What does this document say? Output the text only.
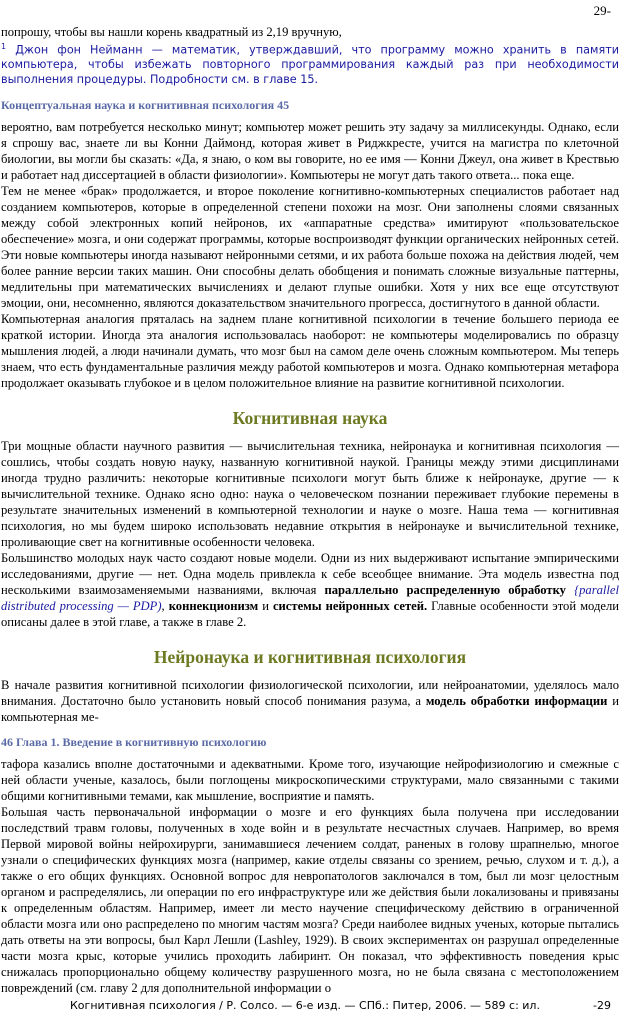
29-

попрошу, чтобы вы нашли корень квадратный из 2,19 вручную,

$^1$ Джон фон Нейманн — математик, утверждавший, что программу можно хранить в памяти компьютера, чтобы избежать повторного программирования каждый раз при необходимости выполнения процедуры. Подробности см. в главе 15.

Концептуальная наука и когнитивная психология 45

вероятно, вам потребуется несколько минут; компьютер может решить эту задачу за миллисекунды. Однако, если я спрошу вас, знаете ли вы Конни Даймонд, которая живет в Риджкресте, учится на магистра по клеточной биологии, вы могли бы сказать: «Да, я знаю, о ком вы говорите, но ее имя — Конни Джеул, она живет в Крествью и работает над диссертацией в области физиологии». Компьютеры не могут дать такого ответа... пока еще.

Тем не менее «брак» продолжается, и второе поколение когнитивно-компьютерных специалистов работает над созданием компьютеров, которые в определенной степени похожи на мозг. Они заполнены слоями связанных между собой электронных копий нейронов, их «аппаратные средства» имитируют «пользовательское обеспечение» мозга, и они содержат программы, которые воспроизводят функции органических нейронных сетей. Эти новые компьютеры иногда называют нейронными сетями, и их работа больше похожа на действия людей, чем более ранние версии таких машин. Они способны делать обобщения и понимать сложные визуальные паттерны, медлительны при математических вычислениях и делают глупые ошибки. Хотя у них все еще отсутствуют эмоции, они, несомненно, являются доказательством значительного прогресса, достигнутого в данной области.

Компьютерная аналогия пряталась на заднем плане когнитивной психологии в течение большего периода ее краткой истории. Иногда эта аналогия использовалась наоборот: не компьютеры моделировались по образцу мышления людей, а люди начинали думать, что мозг был на самом деле очень сложным компьютером. Мы теперь знаем, что есть фундаментальные различия между работой компьютеров и мозга. Однако компьютерная метафора продолжает оказывать глубокое и в целом положительное влияние на развитие когнитивной психологии.

Когнитивная наука

Три мощные области научного развития — вычислительная техника, нейронаука и когнитивная психология — сошлись, чтобы создать новую науку, названную когнитивной наукой. Границы между этими дисциплинами иногда трудно различить: некоторые когнитивные психологи могут быть ближе к нейронауке, другие — к вычислительной технике. Однако ясно одно: наука о человеческом познании переживает глубокие перемены в результате значительных изменений в компьютерной технологии и науке о мозге. Наша тема — когнитивная психология, но мы будем широко использовать недавние открытия в нейронауке и вычислительной технике, проливающие свет на когнитивные особенности человека.

Большинство молодых наук часто создают новые модели. Одни из них выдерживают испытание эмпирическими исследованиями, другие — нет. Одна модель привлекла к себе всеобщее внимание. Эта модель известна под несколькими взаимозаменяемыми названиями, включая параллельно распределенную обработку {parallel distributed processing — PDP), коннекционизм и системы нейронных сетей. Главные особенности этой модели описаны далее в этой главе, а также в главе 2.

Нейронаука и когнитивная психология

В начале развития когнитивной психологии физиологической психологии, или нейроанатомии, уделялось мало внимания. Достаточно было установить новый способ понимания разума, а модель обработки информации и компьютерная ме-

46 Глава 1. Введение в когнитивную психологию

тафора казались вполне достаточными и адекватными. Кроме того, изучающие нейрофизиологию и смежные с ней области ученые, казалось, были поглощены микроскопическими структурами, мало связанными с такими общими когнитивными темами, как мышление, восприятие и память.

Большая часть первоначальной информации о мозге и его функциях была получена при исследовании последствий травм головы, полученных в ходе войн и в результате несчастных случаев. Например, во время Первой мировой войны нейрохирурги, занимавшиеся лечением солдат, раненых в голову шрапнелью, многое узнали о специфических функциях мозга (например, какие отделы связаны со зрением, речью, слухом и т. д.), а также о его общих функциях. Основной вопрос для невропатологов заключался в том, был ли мозг целостным органом и распределялись, ли операции по его инфраструктуре или же действия были локализованы и привязаны к определенным областям. Например, имеет ли место научение специфическому действию в ограниченной области мозга или оно распределено по многим частям мозга? Среди наиболее видных ученых, которые пытались дать ответы на эти вопросы, был Карл Лешли (Lashley, 1929). В своих экспериментах он разрушал определенные части мозга крыс, которые учились проходить лабиринт. Он показал, что эффективность поведения крыс снижалась пропорционально общему количеству разрушенного мозга, но не была связана с местоположением повреждений (см. главу 2 для дополнительной информации о

Когнитивная психология / Р. Солсо. — 6-е изд. — СПб.: Питер, 2006. — 589 с: ил.	-29
